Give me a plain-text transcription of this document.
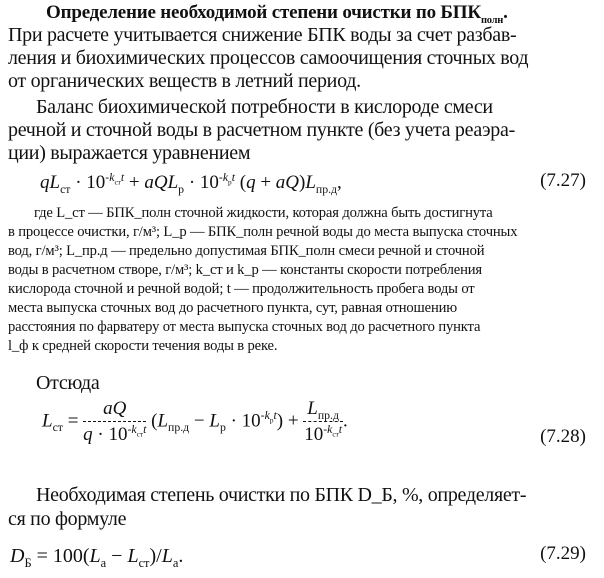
Определение необходимой степени очистки по $БПК_{полн}$.
При расчете учитывается снижение БПК воды за счет разбав-
ления и биохимических процессов самоочищения сточных вод
от органических веществ в летний период.
Баланс биохимической потребности в кислороде смеси
речной и сточной воды в расчетном пункте (без учета реаэра-
ции) выражается уравнением
$qL_{ст} \cdot 10^{-k_{ст}t} + aQL_р \cdot 10^{-k_рt}$ $(q + aQ)L_{пр.д}$,	(7.27)
где L_ст — БПК_полн сточной жидкости, которая должна быть достигнута
в процессе очистки, г/м³; L_р — БПК_полн речной воды до места выпуска сточных
вод, г/м³; L_пр.д — предельно допустимая БПК_полн смеси речной и сточной
воды в расчетном створе, г/м³; k_ст и k_р — константы скорости потребления
кислорода сточной и речной водой; t — продолжительность пробега воды от
места выпуска сточных вод до расчетного пункта, сут, равная отношению
расстояния по фарватеру от места выпуска сточных вод до расчетного пункта
l_ф к средней скорости течения воды в реке.
Отсюда
$L_{ст} = \frac{aQ}{q \cdot 10^{-k_{ст}t}} (L_{пр.д} - L_р \cdot 10^{-k_рt}) + \frac{L_{пр.д}}{10^{-k_{ст}t}}$ .
(7.28)
Необходимая степень очистки по БПК D_Б, %, определяет-
ся по формуле
$D_Б = 100(L_а - L_{ст})/L_а$.	(7.29)
